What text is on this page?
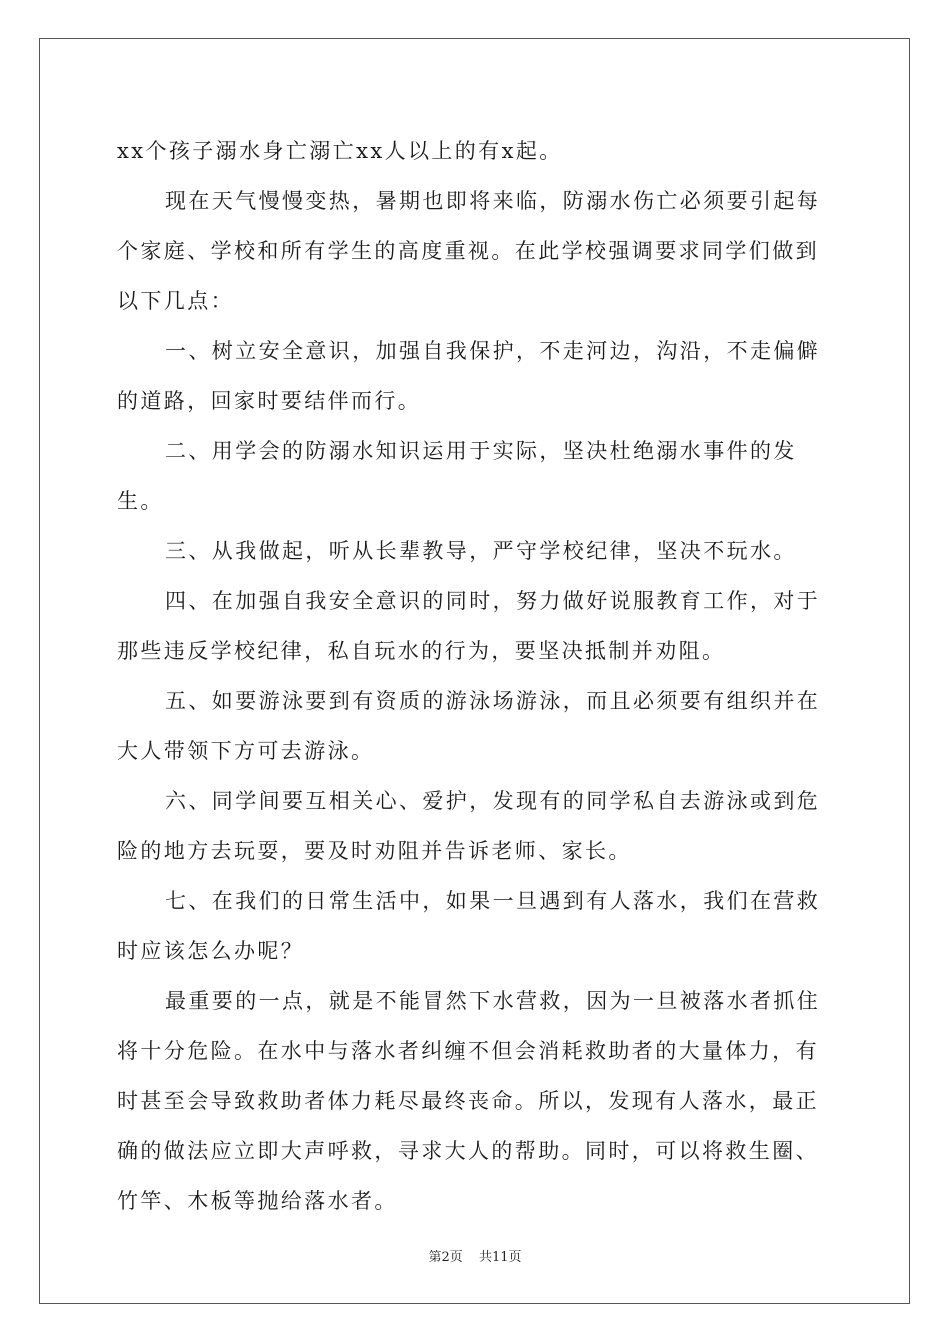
xx个孩子溺水身亡溺亡xx人以上的有x起。

现在天气慢慢变热，暑期也即将来临，防溺水伤亡必须要引起每个家庭、学校和所有学生的高度重视。在此学校强调要求同学们做到以下几点：

一、树立安全意识，加强自我保护，不走河边，沟沿，不走偏僻的道路，回家时要结伴而行。

二、用学会的防溺水知识运用于实际，坚决杜绝溺水事件的发生。

三、从我做起，听从长辈教导，严守学校纪律，坚决不玩水。

四、在加强自我安全意识的同时，努力做好说服教育工作，对于那些违反学校纪律，私自玩水的行为，要坚决抵制并劝阻。

五、如要游泳要到有资质的游泳场游泳，而且必须要有组织并在大人带领下方可去游泳。

六、同学间要互相关心、爱护，发现有的同学私自去游泳或到危险的地方去玩耍，要及时劝阻并告诉老师、家长。

七、在我们的日常生活中，如果一旦遇到有人落水，我们在营救时应该怎么办呢？

最重要的一点，就是不能冒然下水营救，因为一旦被落水者抓住将十分危险。在水中与落水者纠缠不但会消耗救助者的大量体力，有时甚至会导致救助者体力耗尽最终丧命。所以，发现有人落水，最正确的做法应立即大声呼救，寻求大人的帮助。同时，可以将救生圈、竹竿、木板等抛给落水者。

第2页 共11页
